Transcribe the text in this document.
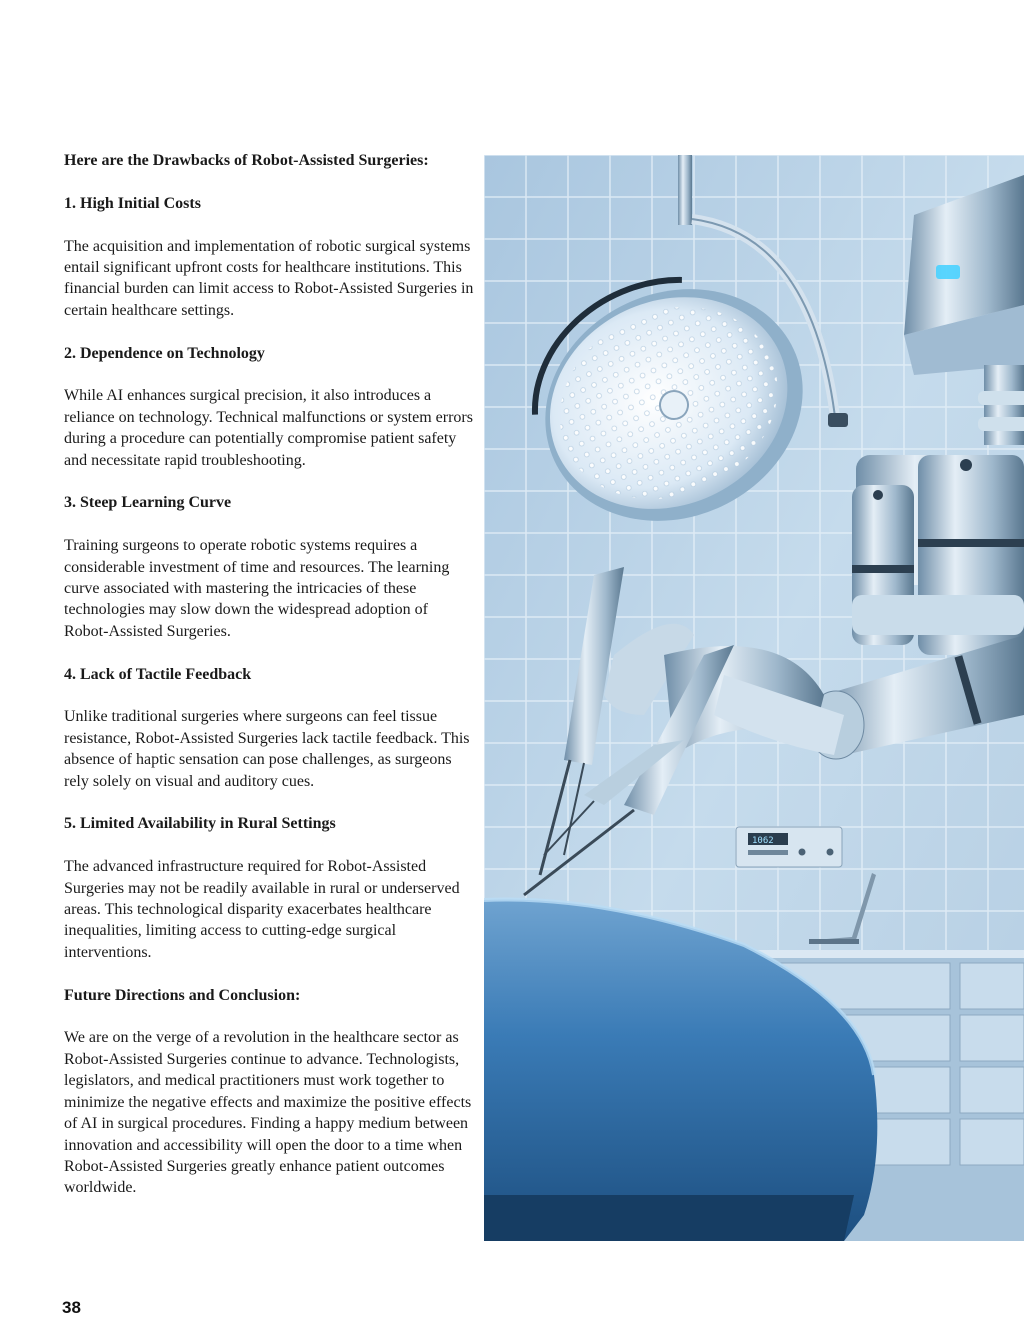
Here are the Drawbacks of Robot-Assisted Surgeries:
1. High Initial Costs

The acquisition and implementation of robotic surgical systems entail significant upfront costs for healthcare institutions. This financial burden can limit access to Robot-Assisted Surgeries in certain healthcare settings.

2. Dependence on Technology

While AI enhances surgical precision, it also introduces a reliance on technology. Technical malfunctions or system errors during a procedure can potentially compromise patient safety and necessitate rapid troubleshooting.

3. Steep Learning Curve

Training surgeons to operate robotic systems requires a considerable investment of time and resources. The learning curve associated with mastering the intricacies of these technologies may slow down the widespread adoption of Robot-Assisted Surgeries.

4. Lack of Tactile Feedback

Unlike traditional surgeries where surgeons can feel tissue resistance, Robot-Assisted Surgeries lack tactile feedback. This absence of haptic sensation can pose challenges, as surgeons rely solely on visual and auditory cues.

5. Limited Availability in Rural Settings

The advanced infrastructure required for Robot-Assisted Surgeries may not be readily available in rural or underserved areas. This technological disparity exacerbates healthcare inequalities, limiting access to cutting-edge surgical interventions.

Future Directions and Conclusion:

We are on the verge of a revolution in the healthcare sector as Robot-Assisted Surgeries continue to advance. Technologists, legislators, and medical practitioners must work together to minimize the negative effects and maximize the positive effects of AI in surgical procedures. Finding a happy medium between innovation and accessibility will open the door to a time when Robot-Assisted Surgeries greatly enhance patient outcomes worldwide.

1062
38
